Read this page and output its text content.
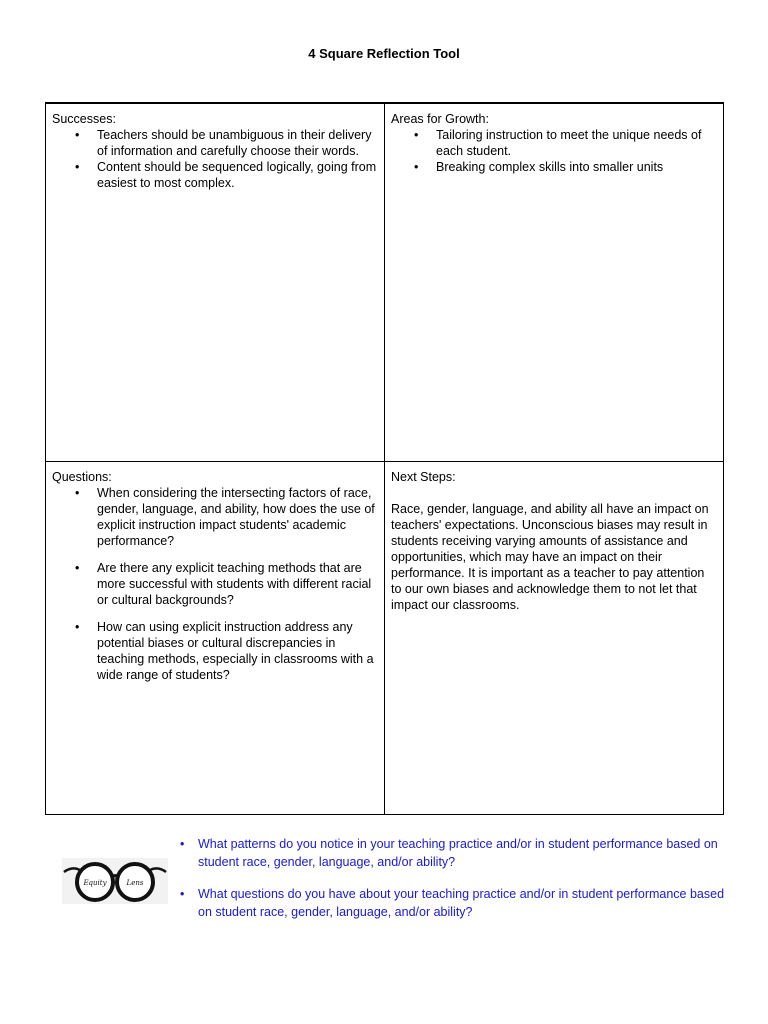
4 Square Reflection Tool

Successes:

• Teachers should be unambiguous in their delivery of information and carefully choose their words.
• Content should be sequenced logically, going from easiest to most complex.

Areas for Growth:

• Tailoring instruction to meet the unique needs of each student.
• Breaking complex skills into smaller units

Questions:

• When considering the intersecting factors of race, gender, language, and ability, how does the use of explicit instruction impact students' academic performance?
• Are there any explicit teaching methods that are more successful with students with different racial or cultural backgrounds?
• How can using explicit instruction address any potential biases or cultural discrepancies in teaching methods, especially in classrooms with a wide range of students?

Next Steps:

Race, gender, language, and ability all have an impact on teachers' expectations. Unconscious biases may result in students receiving varying amounts of assistance and opportunities, which may have an impact on their performance. It is important as a teacher to pay attention to our own biases and acknowledge them to not let that impact our classrooms.

Equity	Lens
• What patterns do you notice in your teaching practice and/or in student performance based on student race, gender, language, and/or ability?
• What questions do you have about your teaching practice and/or in student performance based on student race, gender, language, and/or ability?
